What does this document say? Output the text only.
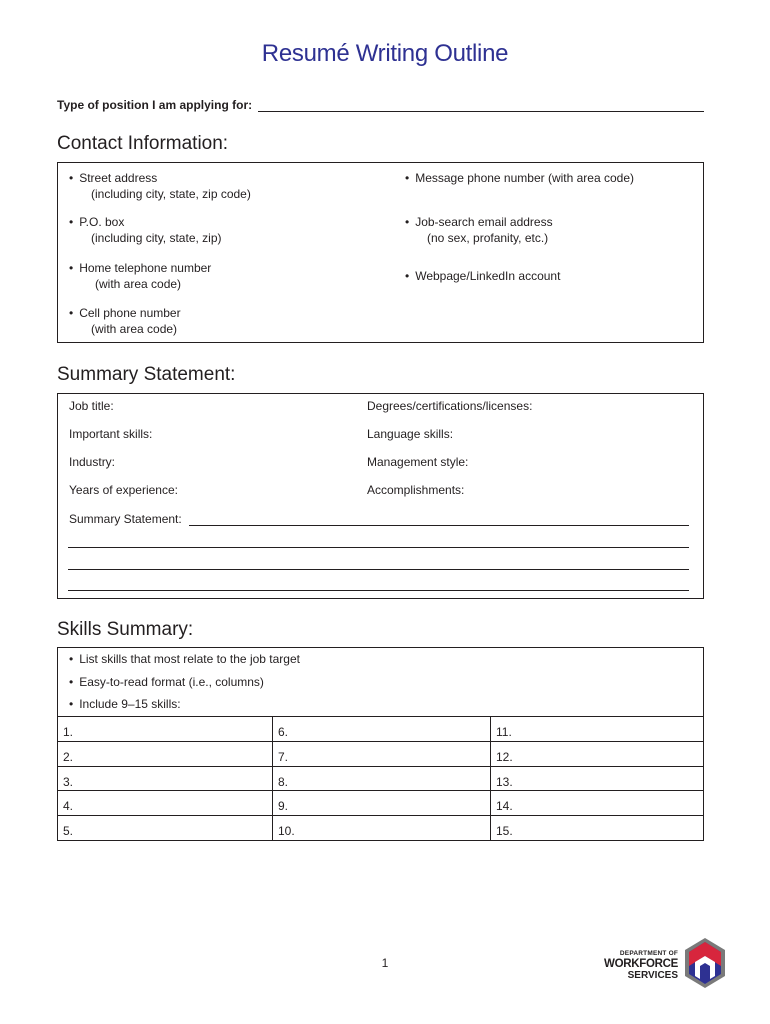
Resumé Writing Outline
Type of position I am applying for:
Contact Information:
• Street address
(including city, state, zip code)
• P.O. box
(including city, state, zip)
• Home telephone number
(with area code)
• Cell phone number
(with area code)
• Message phone number (with area code)
• Job-search email address
(no sex, profanity, etc.)
• Webpage/LinkedIn account
Summary Statement:
Job title:
Important skills:
Industry:
Years of experience:
Degrees/certifications/licenses:
Language skills:
Management style:
Accomplishments:
Summary Statement:
Skills Summary:
• List skills that most relate to the job target
• Easy-to-read format (i.e., columns)
• Include 9–15 skills:
1.	6.	11.
2.	7.	12.
3.	8.	13.
4.	9.	14.
5.	10.	15.
1
DEPARTMENT OF
WORKFORCE
SERVICES
